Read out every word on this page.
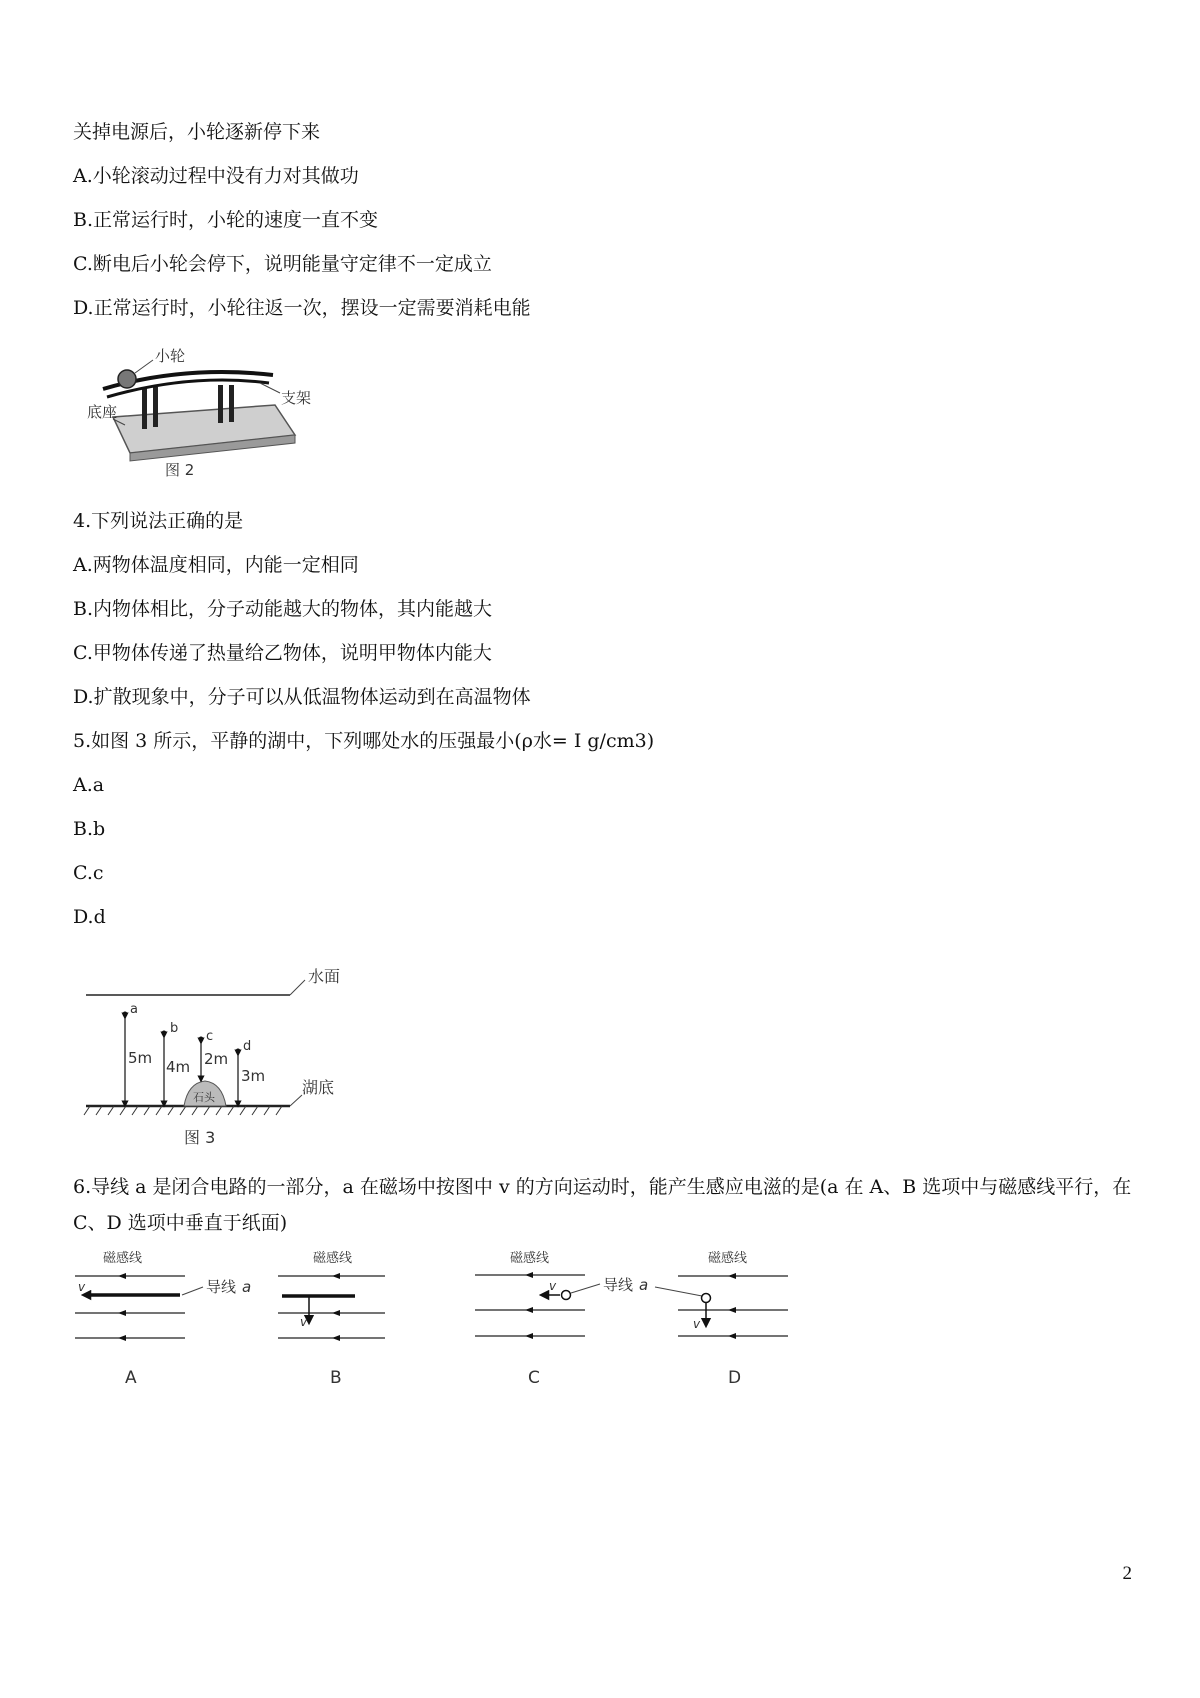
关掉电源后，小轮逐新停下来
A.小轮滚动过程中没有力对其做功
B.正常运行时，小轮的速度一直不变
C.断电后小轮会停下，说明能量守定律不一定成立
D.正常运行时，小轮往返一次，摆设一定需要消耗电能
小轮
支架
底座
图 2
4.下列说法正确的是
A.两物体温度相同，内能一定相同
B.内物体相比，分子动能越大的物体，其内能越大
C.甲物体传递了热量给乙物体，说明甲物体内能大
D.扩散现象中，分子可以从低温物体运动到在高温物体
5.如图 3 所示，平静的湖中，下列哪处水的压强最小(ρ水= I g/cm3)
A.a
B.b
C.c
D.d
水面
湖底
石头
a
5m
b
4m
c
2m
d
3m
图 3
6.导线 a 是闭合电路的一部分，a 在磁场中按图中 v 的方向运动时，能产生感应电滋的是(a 在 A、B 选项中与磁感线平行，在 C、D 选项中垂直于纸面)
磁感线
v	导线 a
A
磁感线
v
B
磁感线
v	导线 a
C
磁感线
v
D
2
